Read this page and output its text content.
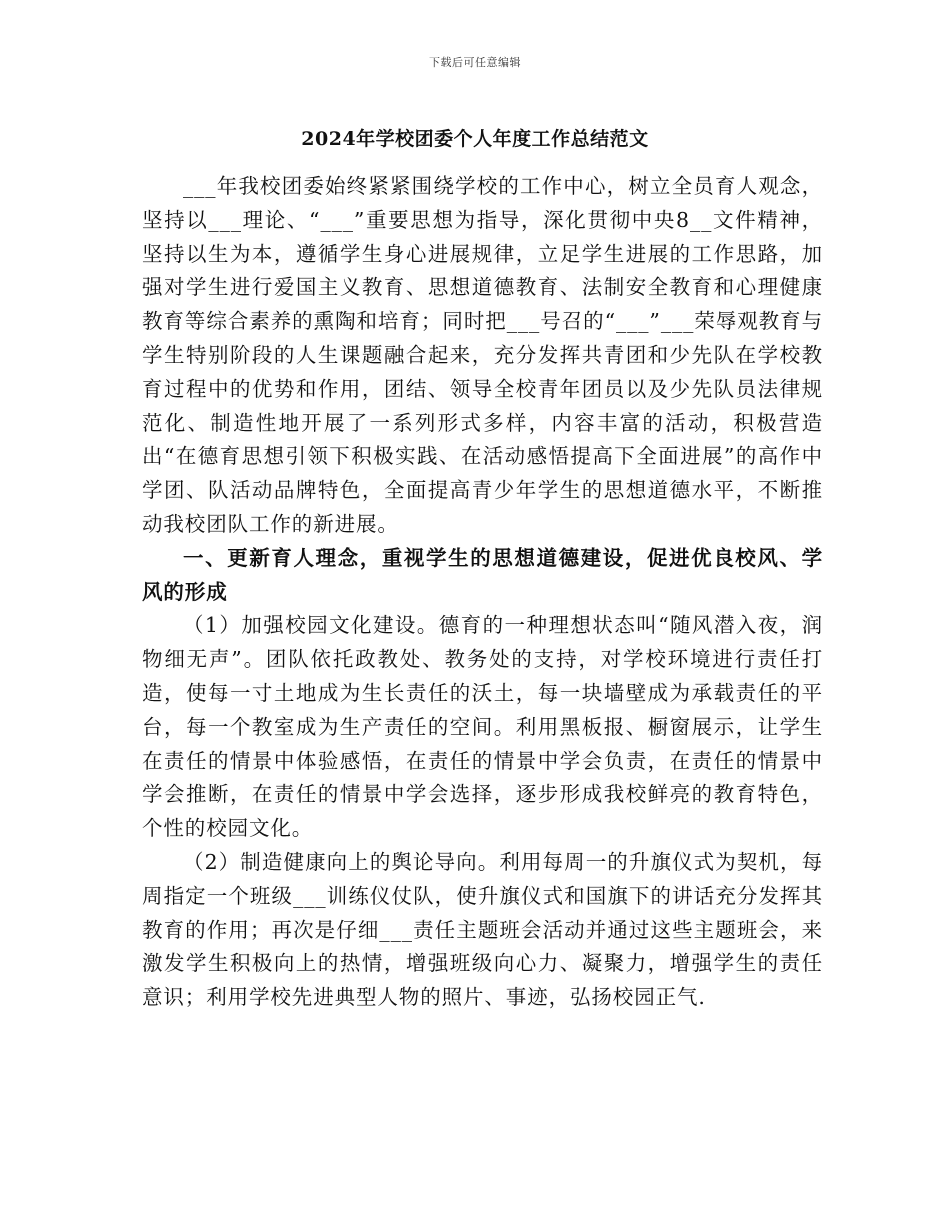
下载后可任意编辑
2024年学校团委个人年度工作总结范文

___年我校团委始终紧紧围绕学校的工作中心，树立全员育人观念，坚持以___理论、“___”重要思想为指导，深化贯彻中央8__文件精神，坚持以生为本，遵循学生身心进展规律，立足学生进展的工作思路，加强对学生进行爱国主义教育、思想道德教育、法制安全教育和心理健康教育等综合素养的熏陶和培育；同时把___号召的“___”___荣辱观教育与学生特别阶段的人生课题融合起来，充分发挥共青团和少先队在学校教育过程中的优势和作用，团结、领导全校青年团员以及少先队员法律规范化、制造性地开展了一系列形式多样，内容丰富的活动，积极营造出“在德育思想引领下积极实践、在活动感悟提高下全面进展”的高作中学团、队活动品牌特色，全面提高青少年学生的思想道德水平，不断推动我校团队工作的新进展。

一、更新育人理念，重视学生的思想道德建设，促进优良校风、学风的形成

（1）加强校园文化建设。德育的一种理想状态叫“随风潜入夜，润物细无声”。团队依托政教处、教务处的支持，对学校环境进行责任打造，使每一寸土地成为生长责任的沃土，每一块墙壁成为承载责任的平台，每一个教室成为生产责任的空间。利用黑板报、橱窗展示，让学生在责任的情景中体验感悟，在责任的情景中学会负责，在责任的情景中学会推断，在责任的情景中学会选择，逐步形成我校鲜亮的教育特色，个性的校园文化。

（2）制造健康向上的舆论导向。利用每周一的升旗仪式为契机，每周指定一个班级___训练仪仗队，使升旗仪式和国旗下的讲话充分发挥其教育的作用；再次是仔细___责任主题班会活动并通过这些主题班会，来激发学生积极向上的热情，增强班级向心力、凝聚力，增强学生的责任意识；利用学校先进典型人物的照片、事迹，弘扬校园正气.
